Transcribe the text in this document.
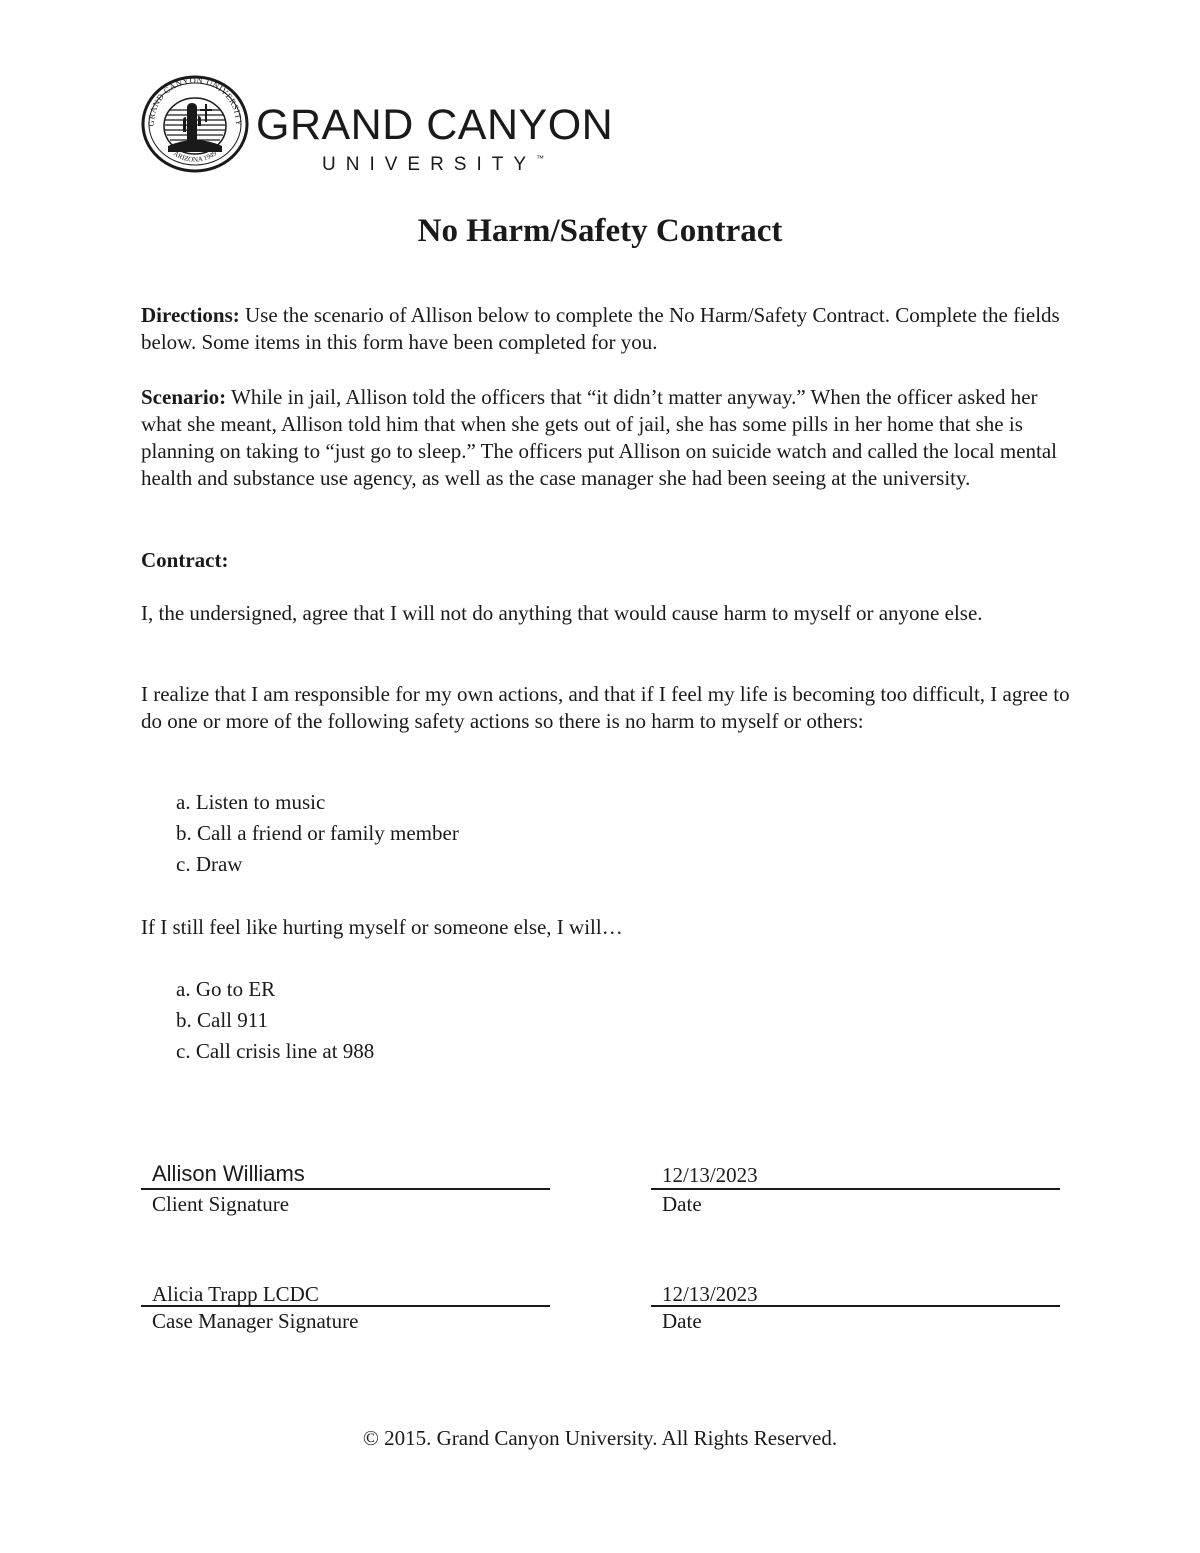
GRAND CANYON UNIVERSITY
ARIZONA 1949
GRAND CANYON
UNIVERSITY™
No Harm/Safety Contract

Directions: Use the scenario of Allison below to complete the No Harm/Safety Contract. Complete the fields below. Some items in this form have been completed for you.

Scenario: While in jail, Allison told the officers that “it didn’t matter anyway.” When the officer asked her what she meant, Allison told him that when she gets out of jail, she has some pills in her home that she is planning on taking to “just go to sleep.” The officers put Allison on suicide watch and called the local mental health and substance use agency, as well as the case manager she had been seeing at the university.

Contract:

I, the undersigned, agree that I will not do anything that would cause harm to myself or anyone else.

I realize that I am responsible for my own actions, and that if I feel my life is becoming too difficult, I agree to do one or more of the following safety actions so there is no harm to myself or others:

a. Listen to music
b. Call a friend or family member
c. Draw

If I still feel like hurting myself or someone else, I will…

a. Go to ER
b. Call 911
c. Call crisis line at 988
Allison Williams
Client Signature
12/13/2023
Date
Alicia Trapp LCDC
Case Manager Signature
12/13/2023
Date
© 2015. Grand Canyon University. All Rights Reserved.
